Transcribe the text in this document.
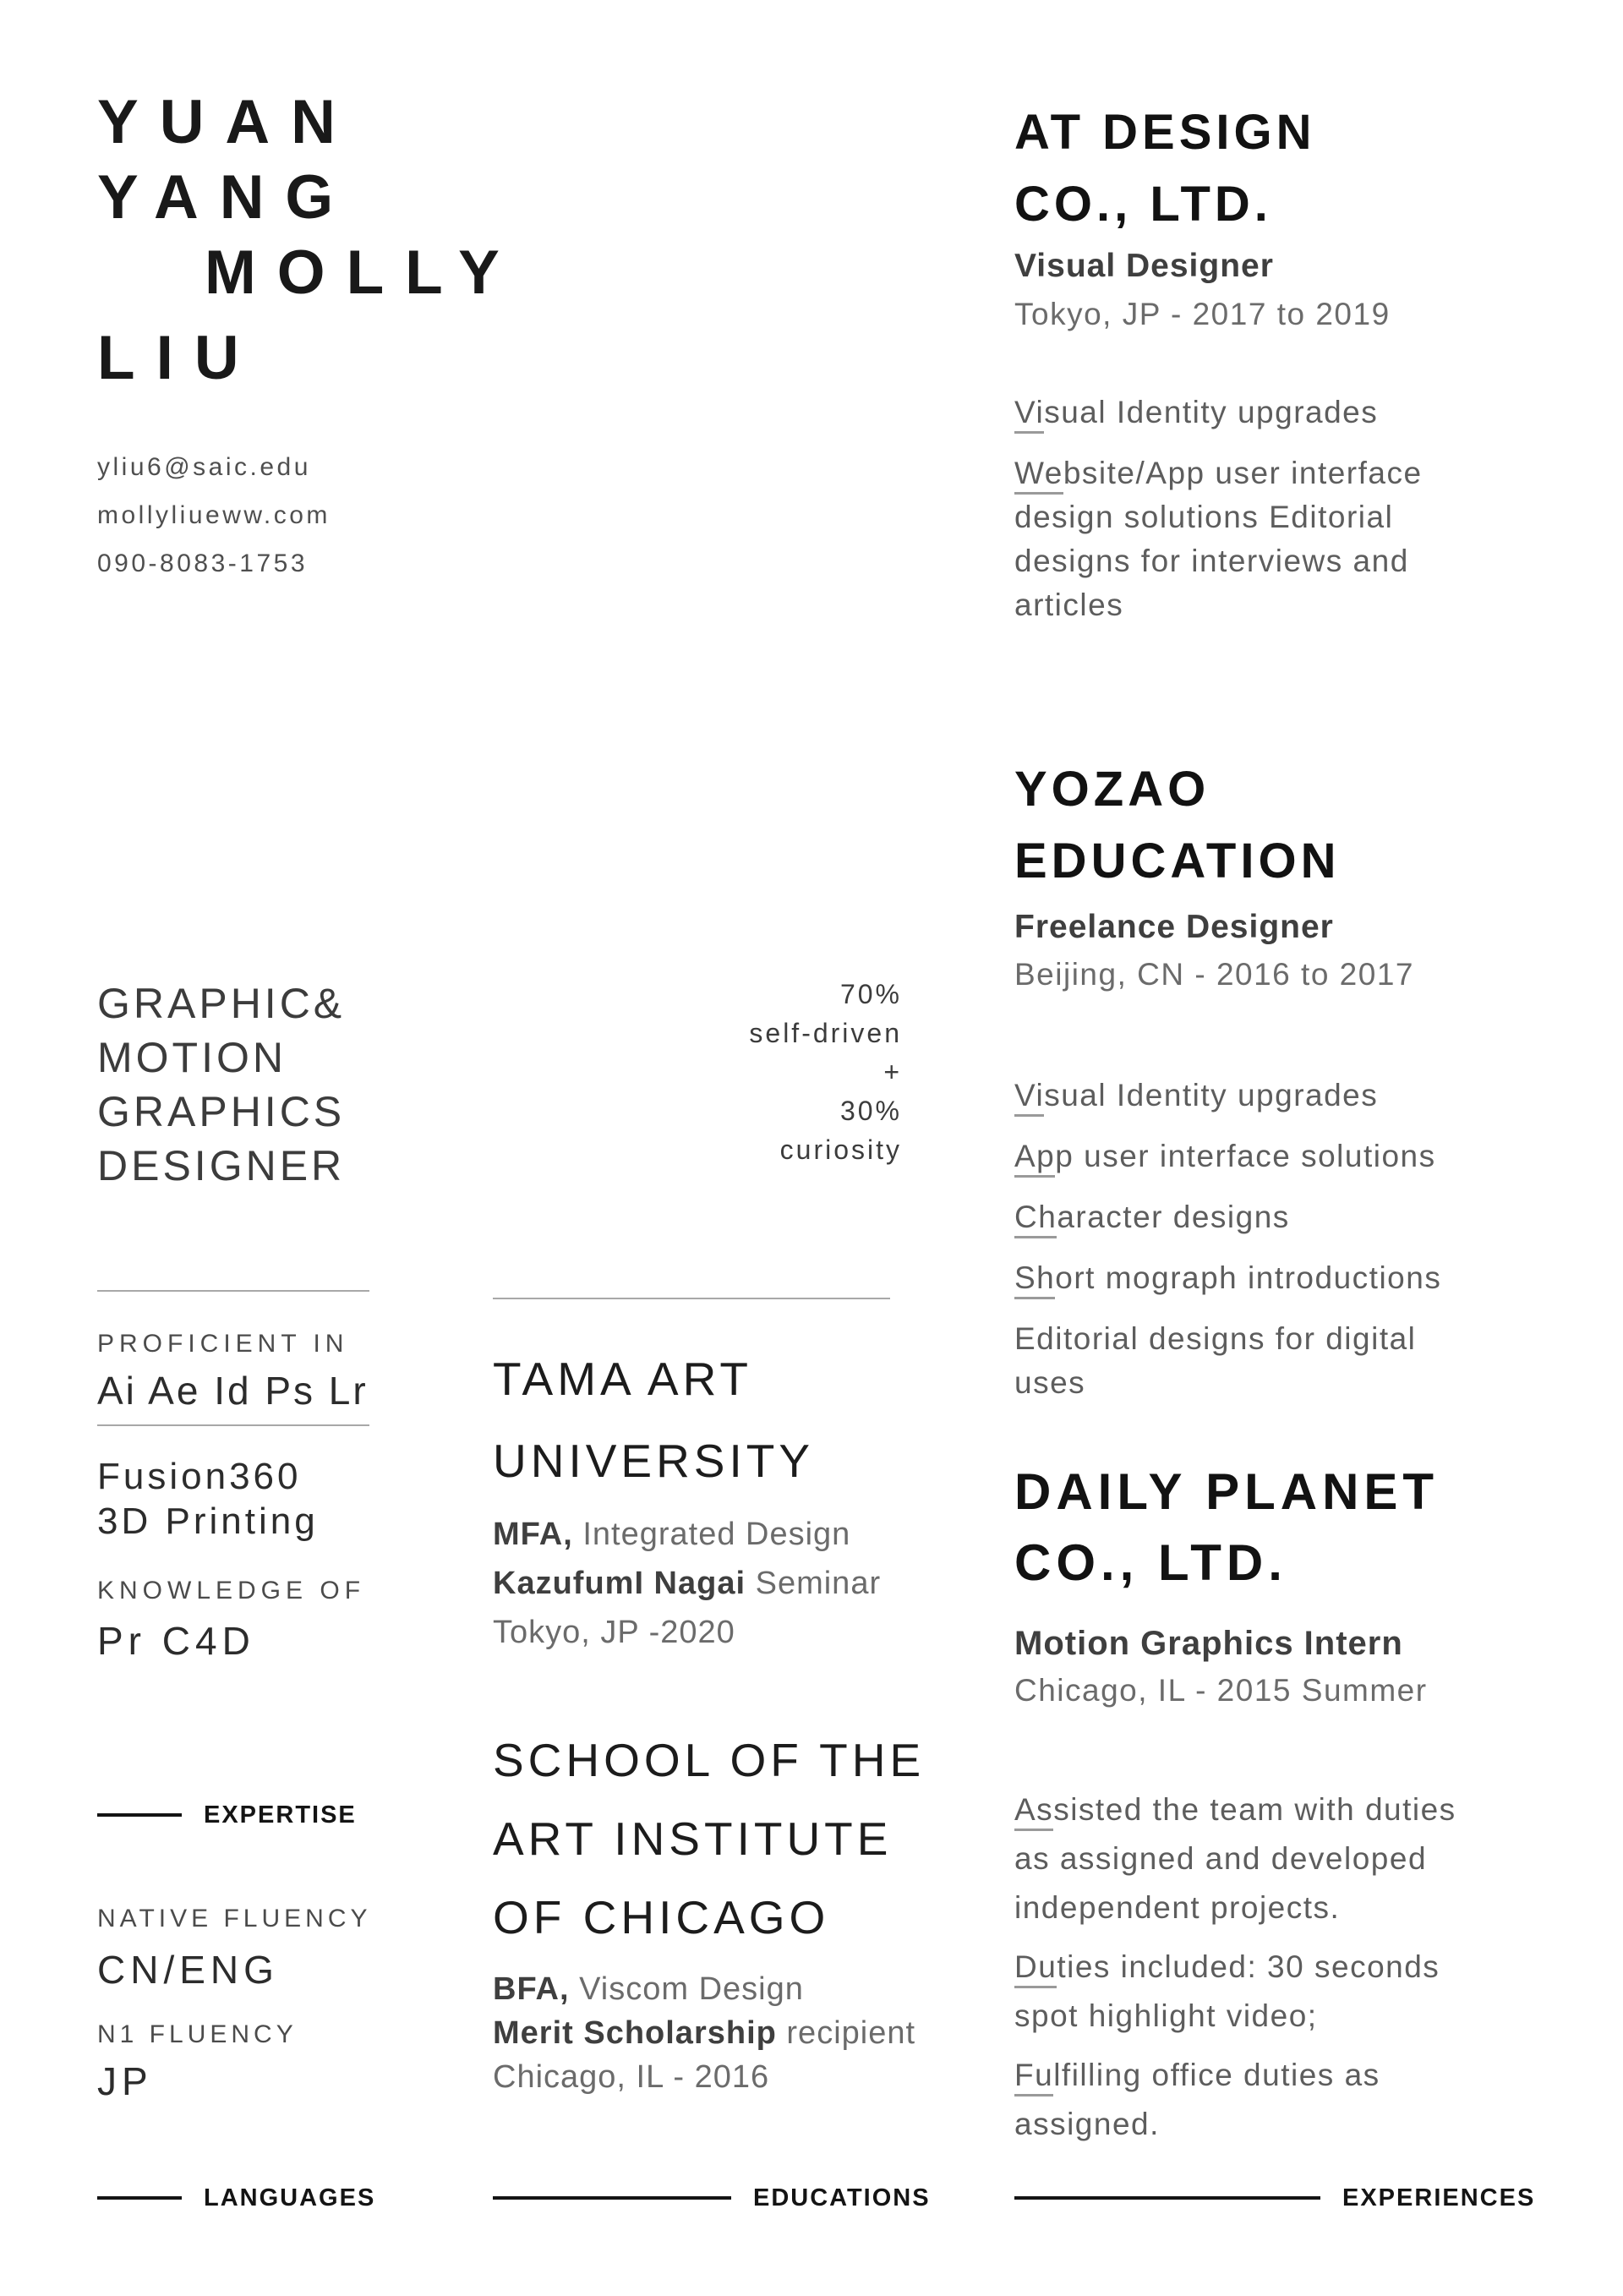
YUAN
YANG
MOLLY
LIU
yliu6@saic.edu
mollyliueww.com
090-8083-1753
GRAPHIC&
MOTION
GRAPHICS
DESIGNER
70%
self-driven
+
30%
curiosity
PROFICIENT IN
Ai Ae Id Ps Lr
Fusion360
3D Printing
KNOWLEDGE OF
Pr C4D
EXPERTISE
NATIVE FLUENCY
CN/ENG
N1 FLUENCY
JP
LANGUAGES
TAMA ART
UNIVERSITY

MFA, Integrated Design

KazufumI Nagai Seminar

Tokyo, JP -2020

SCHOOL OF THE
ART INSTITUTE
OF CHICAGO

BFA, Viscom Design

Merit Scholarship recipient

Chicago, IL - 2016

EDUCATIONS
AT DESIGN
CO., LTD.
Visual Designer
Tokyo, JP - 2017 to 2019
Visual Identity upgrades
Website/App user interface
design solutions Editorial
designs for interviews and
articles
YOZAO
EDUCATION
Freelance Designer
Beijing, CN - 2016 to 2017
Visual Identity upgrades
App user interface solutions
Character designs
Short mograph introductions
Editorial designs for digital
uses
DAILY PLANET
CO., LTD.
Motion Graphics Intern
Chicago, IL - 2015 Summer
Assisted the team with duties
as assigned and developed
independent projects.
Duties included: 30 seconds
spot highlight video;
Fulfilling office duties as
assigned.
EXPERIENCES
